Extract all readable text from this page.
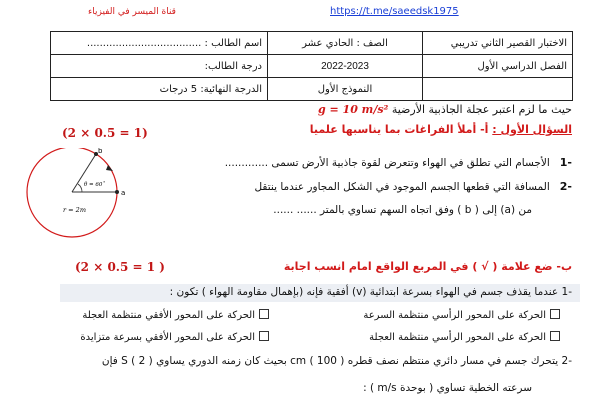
قناة الميسر في الفيزياء	https://t.me/saeedsk1975
الاختبار القصير الثاني تدريبي	الصف : الحادي عشر	اسم الطالب : ....................................
الفصل الدراسي الأول	2022-2023	درجة الطالب:
	النموذج الأول	الدرجة النهائية: 5 درجات
حيث ما لزم اعتبر عجلة الجاذبية الأرضية g = 10 m/s²
السؤال الأول : أ- أملأ الفراغات بما يناسبها علميا
(2 × 0.5 = 1)
-1   الأجسام التي تطلق في الهواء وتتعرض لقوة جاذبية الأرض تسمى .............
-2   المسافة التي قطعها الجسم الموجود في الشكل المجاور عندما ينتقل
من (a) إلى ( b ) وفق اتجاه السهم تساوي بالمتر ...... ......
a
b
θ = 60˚
r = 2m
ب- ضع علامة ( √ ) في المربع الواقع امام انسب اجابة
(2 × 0.5 = 1 )
-1 عندما يقذف جسم في الهواء بسرعة ابتدائية (v) أفقية فإنه (بإهمال مقاومة الهواء ) تكون :
الحركة على المحور الرأسي منتظمة السرعة
الحركة على المحور الأفقي منتظمة العجلة
الحركة على المحور الرأسي منتظمة العجلة
الحركة على المحور الأفقي بسرعة متزايدة
-2 يتحرك جسم في مسار دائري منتظم نصف قطره cm ( 100 ) بحيث كان زمنه الدوري يساوي S ( 2 ) فإن
سرعته الخطية تساوي ( بوحدة m/s ) :
